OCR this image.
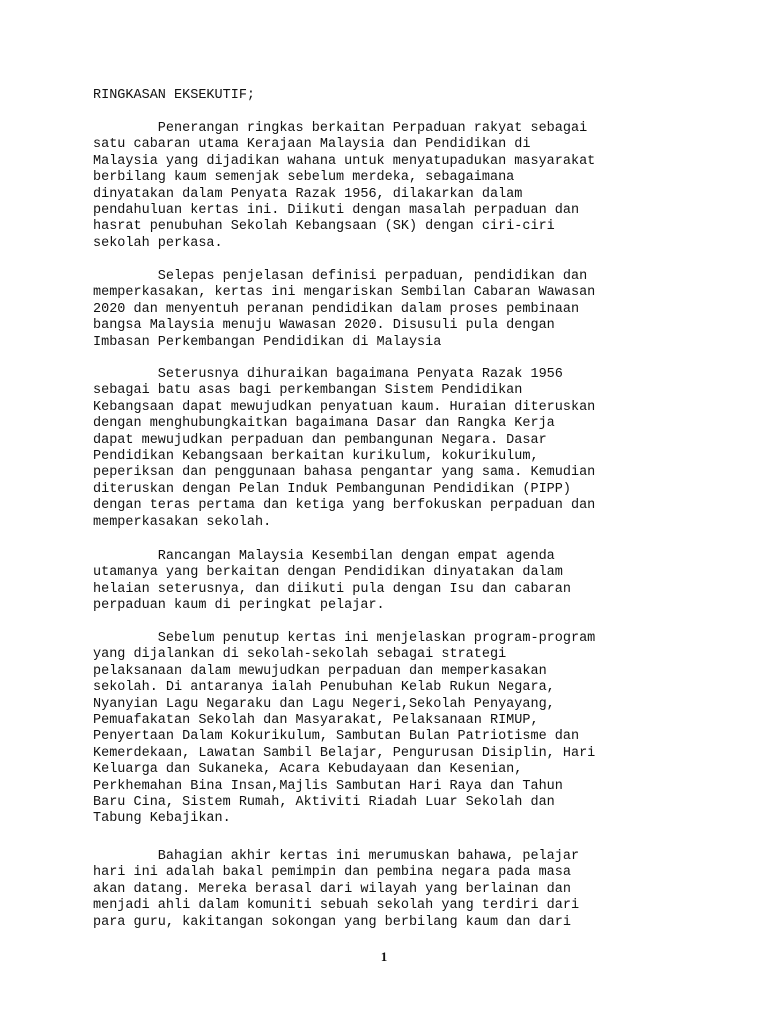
RINGKASAN EKSEKUTIF;

Penerangan ringkas berkaitan Perpaduan rakyat sebagai
satu cabaran utama Kerajaan Malaysia dan Pendidikan di
Malaysia yang dijadikan wahana untuk menyatupadukan masyarakat
berbilang kaum semenjak sebelum merdeka, sebagaimana
dinyatakan dalam Penyata Razak 1956, dilakarkan dalam
pendahuluan kertas ini. Diikuti dengan masalah perpaduan dan
hasrat penubuhan Sekolah Kebangsaan (SK) dengan ciri-ciri
sekolah perkasa.

Selepas penjelasan definisi perpaduan, pendidikan dan
memperkasakan, kertas ini mengariskan Sembilan Cabaran Wawasan
2020 dan menyentuh peranan pendidikan dalam proses pembinaan
bangsa Malaysia menuju Wawasan 2020. Disusuli pula dengan
Imbasan Perkembangan Pendidikan di Malaysia

Seterusnya dihuraikan bagaimana Penyata Razak 1956
sebagai batu asas bagi perkembangan Sistem Pendidikan
Kebangsaan dapat mewujudkan penyatuan kaum. Huraian diteruskan
dengan menghubungkaitkan bagaimana Dasar dan Rangka Kerja
dapat mewujudkan perpaduan dan pembangunan Negara. Dasar
Pendidikan Kebangsaan berkaitan kurikulum, kokurikulum,
peperiksan dan penggunaan bahasa pengantar yang sama. Kemudian
diteruskan dengan Pelan Induk Pembangunan Pendidikan (PIPP)
dengan teras pertama dan ketiga yang berfokuskan perpaduan dan
memperkasakan sekolah.

Rancangan Malaysia Kesembilan dengan empat agenda
utamanya yang berkaitan dengan Pendidikan dinyatakan dalam
helaian seterusnya, dan diikuti pula dengan Isu dan cabaran
perpaduan kaum di peringkat pelajar.

Sebelum penutup kertas ini menjelaskan program-program
yang dijalankan di sekolah-sekolah sebagai strategi
pelaksanaan dalam mewujudkan perpaduan dan memperkasakan
sekolah. Di antaranya ialah Penubuhan Kelab Rukun Negara,
Nyanyian Lagu Negaraku dan Lagu Negeri,Sekolah Penyayang,
Pemuafakatan Sekolah dan Masyarakat, Pelaksanaan RIMUP,
Penyertaan Dalam Kokurikulum, Sambutan Bulan Patriotisme dan
Kemerdekaan, Lawatan Sambil Belajar, Pengurusan Disiplin, Hari
Keluarga dan Sukaneka, Acara Kebudayaan dan Kesenian,
Perkhemahan Bina Insan,Majlis Sambutan Hari Raya dan Tahun
Baru Cina, Sistem Rumah, Aktiviti Riadah Luar Sekolah dan
Tabung Kebajikan.

Bahagian akhir kertas ini merumuskan bahawa, pelajar
hari ini adalah bakal pemimpin dan pembina negara pada masa
akan datang. Mereka berasal dari wilayah yang berlainan dan
menjadi ahli dalam komuniti sebuah sekolah yang terdiri dari
para guru, kakitangan sokongan yang berbilang kaum dan dari

1
